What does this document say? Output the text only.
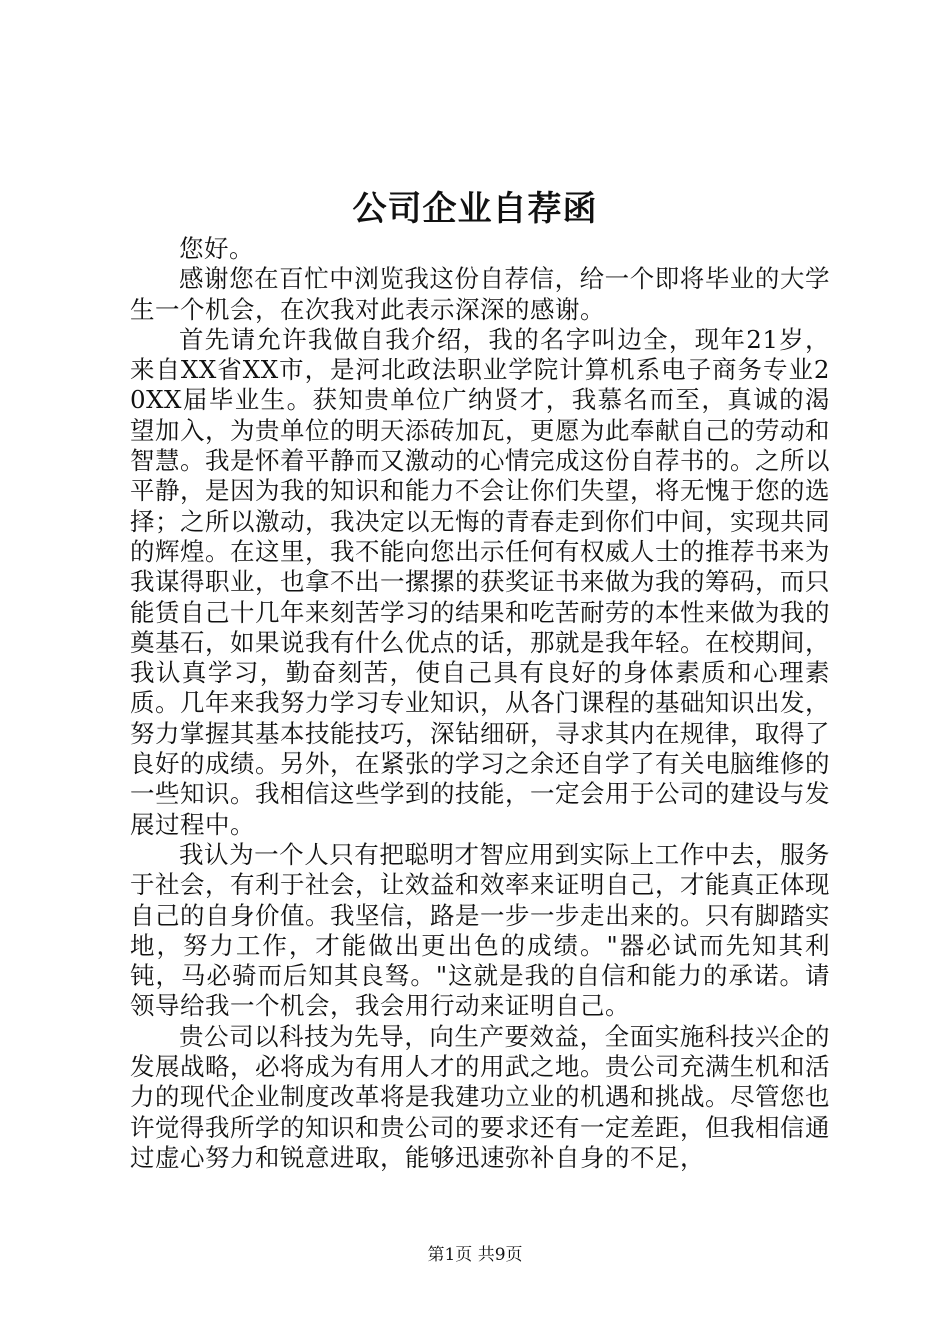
公司企业自荐函

您好。

感谢您在百忙中浏览我这份自荐信，给一个即将毕业的大学生一个机会，在次我对此表示深深的感谢。

首先请允许我做自我介绍，我的名字叫边全，现年21岁，来自XX省XX市，是河北政法职业学院计算机系电子商务专业20XX届毕业生。获知贵单位广纳贤才，我慕名而至，真诚的渴望加入，为贵单位的明天添砖加瓦，更愿为此奉献自己的劳动和智慧。我是怀着平静而又激动的心情完成这份自荐书的。之所以平静，是因为我的知识和能力不会让你们失望，将无愧于您的选择；之所以激动，我决定以无悔的青春走到你们中间，实现共同的辉煌。在这里，我不能向您出示任何有权威人士的推荐书来为我谋得职业，也拿不出一摞摞的获奖证书来做为我的筹码，而只能赁自己十几年来刻苦学习的结果和吃苦耐劳的本性来做为我的奠基石，如果说我有什么优点的话，那就是我年轻。在校期间，我认真学习，勤奋刻苦，使自己具有良好的身体素质和心理素质。几年来我努力学习专业知识，从各门课程的基础知识出发，努力掌握其基本技能技巧，深钻细研，寻求其内在规律，取得了良好的成绩。另外，在紧张的学习之余还自学了有关电脑维修的一些知识。我相信这些学到的技能，一定会用于公司的建设与发展过程中。

我认为一个人只有把聪明才智应用到实际上工作中去，服务于社会，有利于社会，让效益和效率来证明自己，才能真正体现自己的自身价值。我坚信，路是一步一步走出来的。只有脚踏实地，努力工作，才能做出更出色的成绩。"器必试而先知其利钝，马必骑而后知其良驽。"这就是我的自信和能力的承诺。请领导给我一个机会，我会用行动来证明自己。

贵公司以科技为先导，向生产要效益，全面实施科技兴企的发展战略，必将成为有用人才的用武之地。贵公司充满生机和活力的现代企业制度改革将是我建功立业的机遇和挑战。尽管您也许觉得我所学的知识和贵公司的要求还有一定差距，但我相信通过虚心努力和锐意进取，能够迅速弥补自身的不足，

第1页 共9页
